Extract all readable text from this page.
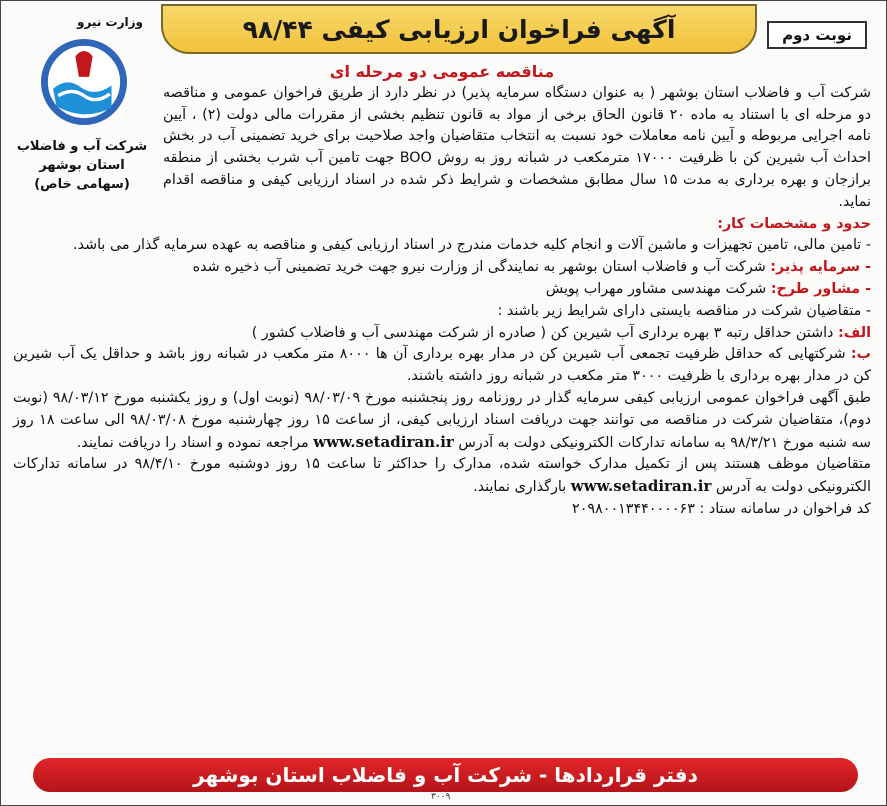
آگهی فراخوان ارزیابی کیفی ۹۸/۴۴	نوبت دوم
وزارت نیرو
شرکت آب و فاضلاب
استان بوشهر
(سهامی خاص)

مناقصه عمومی دو مرحله ای

شرکت آب و فاضلاب استان بوشهر ( به عنوان دستگاه سرمایه پذیر) در نظر دارد از طریق فراخوان عمومی و مناقصه دو مرحله ای با استناد به ماده ۲۰ قانون الحاق برخی از مواد به قانون تنظیم بخشی از مقررات مالی دولت (۲) ، آیین نامه اجرایی مربوطه و آیین نامه معاملات خود نسبت به انتخاب متقاضیان واجد صلاحیت برای خرید تضمینی آب در بخش احداث آب شیرین کن با ظرفیت ۱۷۰۰۰ مترمکعب در شبانه روز به روش BOO جهت تامین آب شرب بخشی از منطقه برازجان و بهره برداری به مدت ۱۵ سال مطابق مشخصات و شرایط ذکر شده در اسناد ارزیابی کیفی و مناقصه اقدام نماید.

حدود و مشخصات کار:

- تامین مالی، تامین تجهیزات و ماشین آلات و انجام کلیه خدمات مندرج در اسناد ارزیابی کیفی و مناقصه به عهده سرمایه گذار می باشد.

- سرمایه پذیر: شرکت آب و فاضلاب استان بوشهر به نمایندگی از وزارت نیرو جهت خرید تضمینی آب ذخیره شده

- مشاور طرح: شرکت مهندسی مشاور مهراب پویش

- متقاضیان شرکت در مناقصه بایستی دارای شرایط زیر باشند :

الف: داشتن حداقل رتبه ۳ بهره برداری آب شیرین کن ( صادره از شرکت مهندسی آب و فاضلاب کشور )

ب: شرکتهایی که حداقل ظرفیت تجمعی آب شیرین کن در مدار بهره برداری آن ها ۸۰۰۰ متر مکعب در شبانه روز باشد و حداقل یک آب شیرین کن در مدار بهره برداری با ظرفیت ۳۰۰۰ متر مکعب در شبانه روز داشته باشند.

طبق آگهی فراخوان عمومی ارزیابی کیفی سرمایه گذار در روزنامه روز پنجشنبه مورخ ۹۸/۰۳/۰۹ (نوبت اول) و روز یکشنبه مورخ ۹۸/۰۳/۱۲ (نوبت دوم)، متقاضیان شرکت در مناقصه می توانند جهت دریافت اسناد ارزیابی کیفی، از ساعت ۱۵ روز چهارشنبه مورخ ۹۸/۰۳/۰۸ الی ساعت ۱۸ روز سه شنبه مورخ ۹۸/۳/۲۱ به سامانه تدارکات الکترونیکی دولت به آدرس www.setadiran.ir مراجعه نموده و اسناد را دریافت نمایند.

متقاضیان موظف هستند پس از تکمیل مدارک خواسته شده، مدارک را حداکثر تا ساعت ۱۵ روز دوشنبه مورخ ۹۸/۴/۱۰ در سامانه تدارکات الکترونیکی دولت به آدرس www.setadiran.ir بارگذاری نمایند.

کد فراخوان در سامانه ستاد : ۲۰۹۸۰۰۱۳۴۴۰۰۰۰۶۳

دفتر قراردادها - شرکت آب و فاضلاب استان بوشهر
۳۰۰۹
